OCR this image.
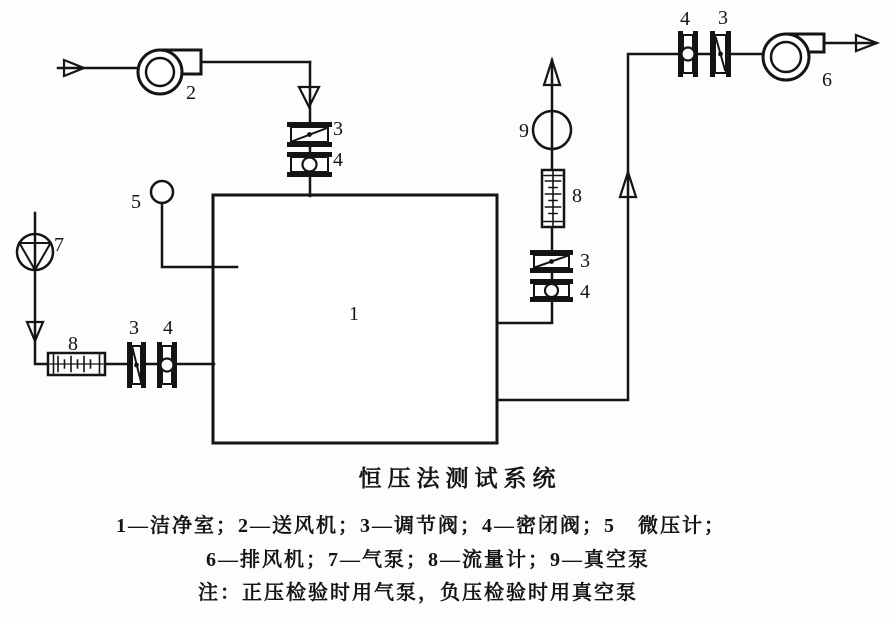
1
2
3
4
5
7
8
3 4
9
8
3
4
4 3
6
恒压法测试系统
1—洁净室；2—送风机；3—调节阀；4—密闭阀；5　微压计；
6—排风机；7—气泵；8—流量计；9—真空泵
注：正压检验时用气泵，负压检验时用真空泵
